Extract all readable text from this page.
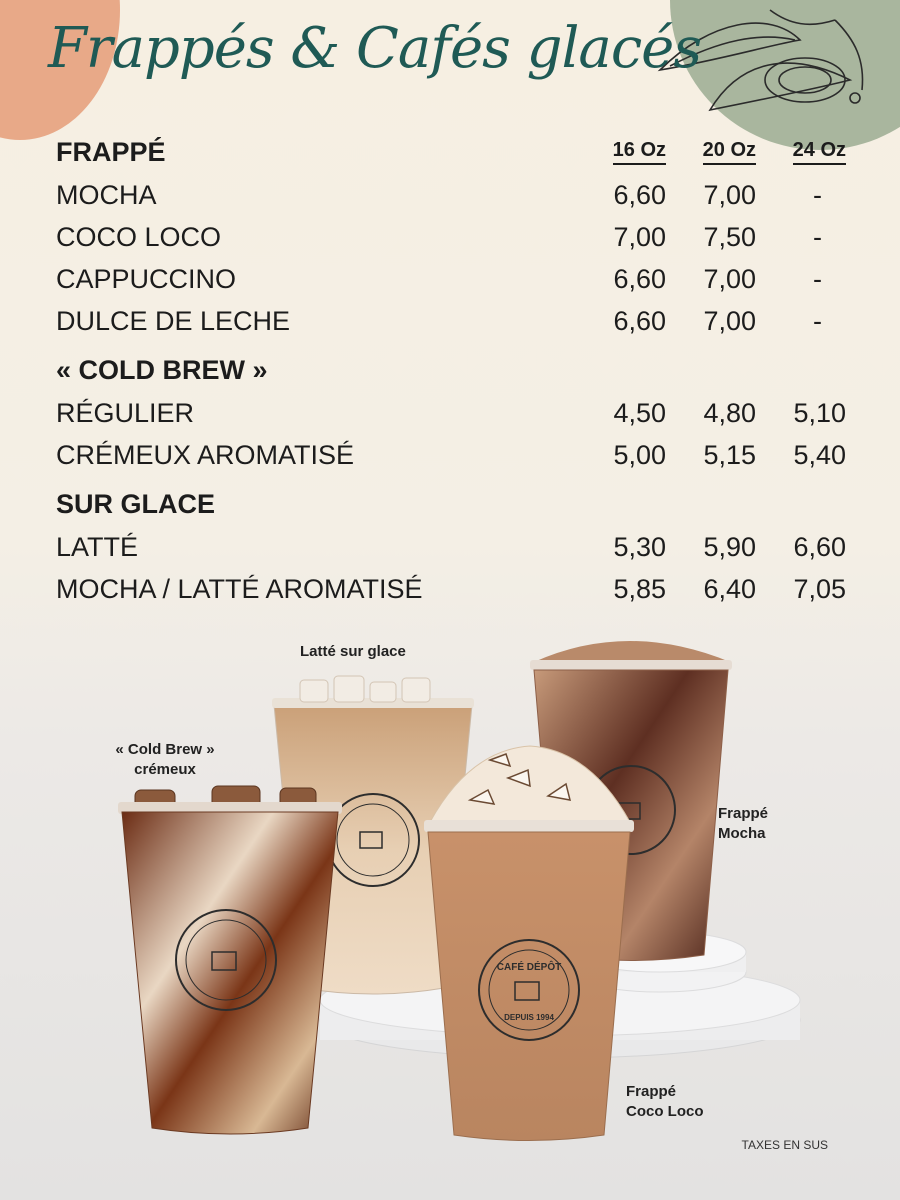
Frappés & Cafés glacés
FRAPPÉ	16 Oz 20 Oz 24 Oz
MOCHA	6,60	7,00	-
COCO LOCO	7,00	7,50	-
CAPPUCCINO	6,60	7,00	-
DULCE DE LECHE	6,60	7,00	-
« COLD BREW »
RÉGULIER	4,50	4,80	5,10
CRÉMEUX AROMATISÉ	5,00	5,15	5,40
SUR GLACE
LATTÉ	5,30	5,90	6,60
MOCHA / LATTÉ AROMATISÉ	5,85	6,40	7,05
CAFÉ DÉPÔT
DEPUIS 1994
Latté sur glace
« Cold Brew »
crémeux
Frappé
Mocha
Frappé
Coco Loco
TAXES EN SUS
